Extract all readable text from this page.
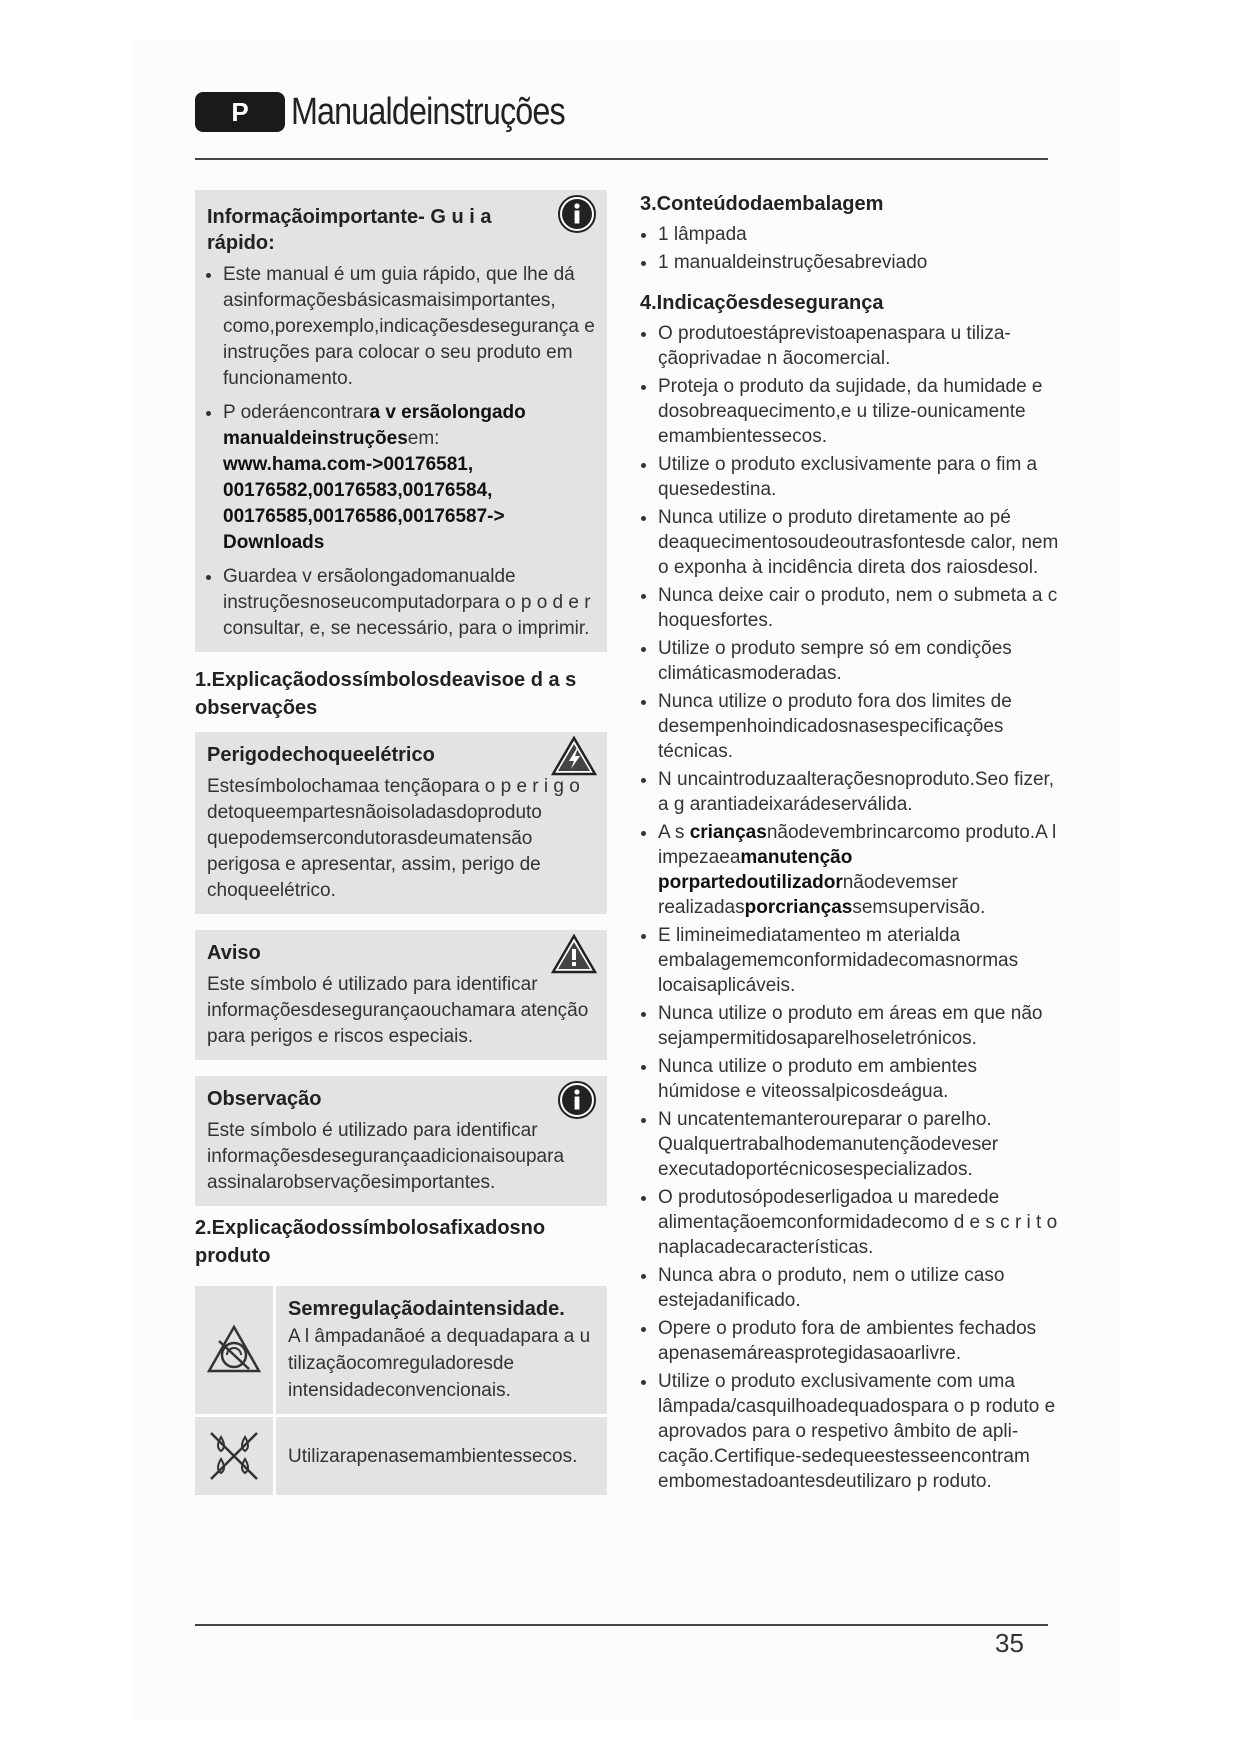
P	Manualdeinstruções
Informaçãoimportante- G u i a rápido:
• Este manual é um guia rápido, que lhe dá asinformaçõesbásicasmaisimportantes, como,porexemplo,indicaçõesdesegurança e instruções para colocar o seu produto em funcionamento.
• P oderáencontrara v ersãolongado manualdeinstruçõesem:
www.hama.com->00176581, 00176582,00176583,00176584, 00176585,00176586,00176587-> Downloads
• Guardea v ersãolongadomanualde instruçõesnoseucomputadorpara o p o d e r consultar, e, se necessário, para o imprimir.
1.Explicaçãodossímbolosdeavisoe d a s observações
Perigodechoqueelétrico

Estesímbolochamaa tençãopara o p e r i g o detoqueempartesnãoisoladasdoproduto quepodemsercondutorasdeumatensão perigosa e apresentar, assim, perigo de choqueelétrico.

Aviso

Este símbolo é utilizado para identificar informaçõesdesegurançaouchamara atenção para perigos e riscos especiais.

Observação

Este símbolo é utilizado para identificar informaçõesdesegurançaadicionaisoupara assinalarobservaçõesimportantes.

2.Explicaçãodossímbolosafixadosno produto
Semregulaçãodaintensidade.
A l âmpadanãoé a dequadapara a u tilizaçãocomreguladoresde intensidadeconvencionais.
Utilizarapenasemambientessecos.
3.Conteúdodaembalagem
• 1 lâmpada
• 1 manualdeinstruçõesabreviado
4.Indicaçõesdesegurança
• O produtoestáprevistoapenaspara u tiliza- çãoprivadae n ãocomercial.
• Proteja o produto da sujidade, da humidade e dosobreaquecimento,e u tilize-ounicamente emambientessecos.
• Utilize o produto exclusivamente para o fim a quesedestina.
• Nunca utilize o produto diretamente ao pé deaquecimentosoudeoutrasfontesde calor, nem o exponha à incidência direta dos raiosdesol.
• Nunca deixe cair o produto, nem o submeta a c hoquesfortes.
• Utilize o produto sempre só em condições climáticasmoderadas.
• Nunca utilize o produto fora dos limites de desempenhoindicadosnasespecificações técnicas.
• N uncaintroduzaalteraçõesnoproduto.Seo fizer, a g arantiadeixarádeserválida.
• A s criançasnãodevembrincarcomo produto.A l impezaeamanutenção porpartedoutilizadornãodevemser realizadasporcriançassemsupervisão.
• E limineimediatamenteo m aterialda embalagememconformidadecomasnormas locaisaplicáveis.
• Nunca utilize o produto em áreas em que não sejampermitidosaparelhoseletrónicos.
• Nunca utilize o produto em ambientes húmidose e viteossalpicosdeágua.
• N uncatentemanteroureparar o parelho. Qualquertrabalhodemanutençãodeveser executadoportécnicosespecializados.
• O produtosópodeserligadoa u maredede alimentaçãoemconformidadecomo d e s c r i t o naplacadecaracterísticas.
• Nunca abra o produto, nem o utilize caso estejadanificado.
• Opere o produto fora de ambientes fechados apenasemáreasprotegidasaoarlivre.
• Utilize o produto exclusivamente com uma lâmpada/casquilhoadequadospara o p roduto e aprovados para o respetivo âmbito de apli- cação.Certifique-sedequeestesseencontram embomestadoantesdeutilizaro p roduto.
35
